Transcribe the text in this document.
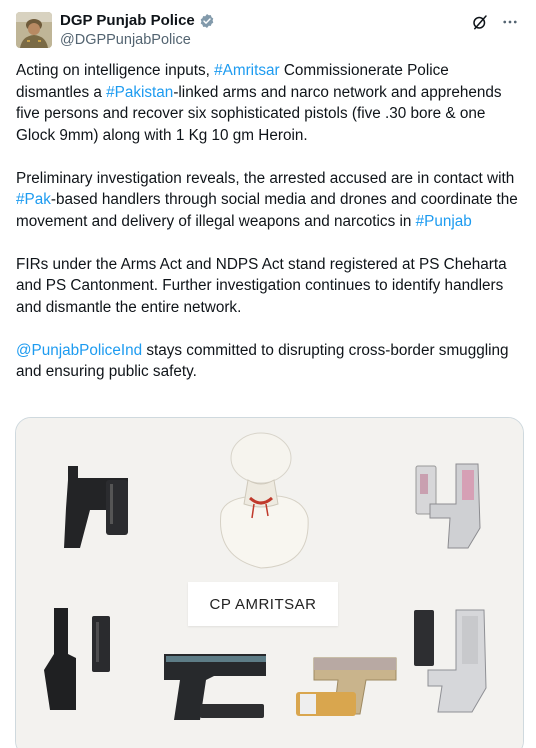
DGP Punjab Police
@DGPPunjabPolice

Acting on intelligence inputs, #Amritsar Commissionerate Police dismantles a #Pakistan-linked arms and narco network and apprehends five persons and recover six sophisticated pistols (five .30 bore & one Glock 9mm) along with 1 Kg 10 gm Heroin.

Preliminary investigation reveals, the arrested accused are in contact with #Pak-based handlers through social media and drones and coordinate the movement and delivery of illegal weapons and narcotics in #Punjab

FIRs under the Arms Act and NDPS Act stand registered at PS Cheharta and PS Cantonment. Further investigation continues to identify handlers and dismantle the entire network.

@PunjabPoliceInd stays committed to disrupting cross-border smuggling and ensuring public safety.

CP AMRITSAR
